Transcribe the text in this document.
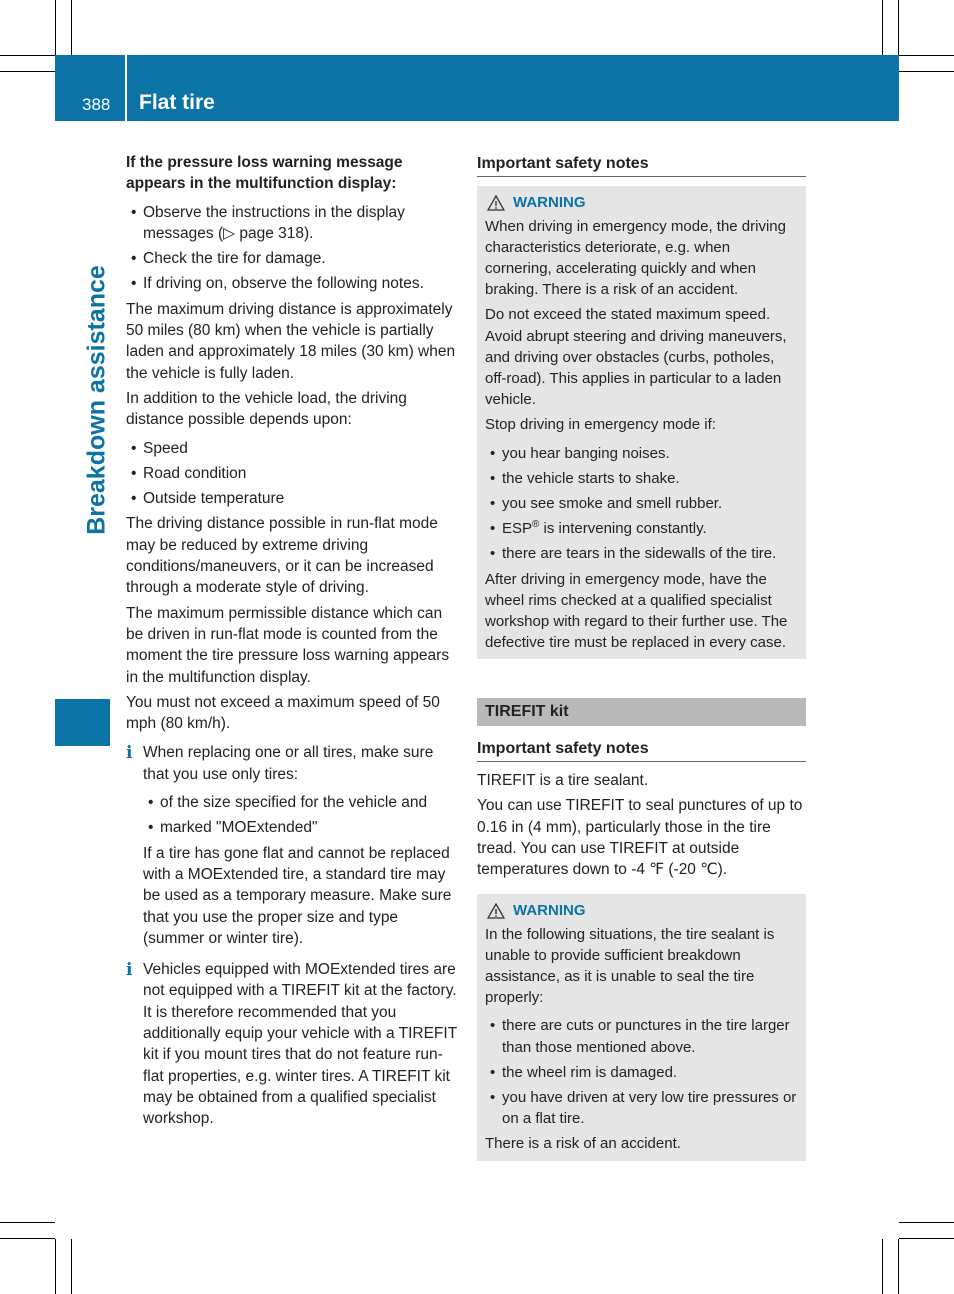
388 Flat tire
Breakdown assistance

If the pressure loss warning message appears in the multifunction display:

• Observe the instructions in the display messages (▷ page 318).
• Check the tire for damage.
• If driving on, observe the following notes.

The maximum driving distance is approximately 50 miles (80 km) when the vehicle is partially laden and approximately 18 miles (30 km) when the vehicle is fully laden.

In addition to the vehicle load, the driving distance possible depends upon:

• Speed
• Road condition
• Outside temperature

The driving distance possible in run-flat mode may be reduced by extreme driving conditions/maneuvers, or it can be increased through a moderate style of driving.

The maximum permissible distance which can be driven in run-flat mode is counted from the moment the tire pressure loss warning appears in the multifunction display.

You must not exceed a maximum speed of 50 mph (80 km/h).

i When replacing one or all tires, make sure that you use only tires:
• of the size specified for the vehicle and
• marked "MOExtended"
If a tire has gone flat and cannot be replaced with a MOExtended tire, a standard tire may be used as a temporary measure. Make sure that you use the proper size and type (summer or winter tire).
i Vehicles equipped with MOExtended tires are not equipped with a TIREFIT kit at the factory. It is therefore recommended that you additionally equip your vehicle with a TIREFIT kit if you mount tires that do not feature run-flat properties, e.g. winter tires. A TIREFIT kit may be obtained from a qualified specialist workshop.
Important safety notes
WARNING

When driving in emergency mode, the driving characteristics deteriorate, e.g. when cornering, accelerating quickly and when braking. There is a risk of an accident.

Do not exceed the stated maximum speed. Avoid abrupt steering and driving maneuvers, and driving over obstacles (curbs, potholes, off-road). This applies in particular to a laden vehicle.

Stop driving in emergency mode if:

• you hear banging noises.
• the vehicle starts to shake.
• you see smoke and smell rubber.
• ESP® is intervening constantly.
• there are tears in the sidewalls of the tire.

After driving in emergency mode, have the wheel rims checked at a qualified specialist workshop with regard to their further use. The defective tire must be replaced in every case.

TIREFIT kit
Important safety notes

TIREFIT is a tire sealant.

You can use TIREFIT to seal punctures of up to 0.16 in (4 mm), particularly those in the tire tread. You can use TIREFIT at outside temperatures down to -4 ℉ (-20 ℃).

WARNING

In the following situations, the tire sealant is unable to provide sufficient breakdown assistance, as it is unable to seal the tire properly:

• there are cuts or punctures in the tire larger than those mentioned above.
• the wheel rim is damaged.
• you have driven at very low tire pressures or on a flat tire.

There is a risk of an accident.
